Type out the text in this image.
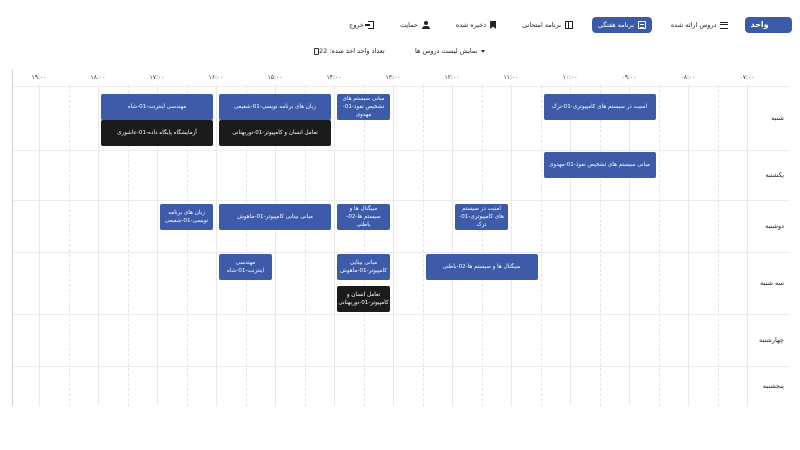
واحد هاب
دروس ارائه شده
برنامه هفتگی
برنامه امتحانی
ذخیره شده
حمایت
خروج
تعداد واحد اخذ شده: 22	نمایش لیست دروس ها
۰۷:۰۰
۰۸:۰۰
۰۹:۰۰
۱۰:۰۰
۱۱:۰۰
۱۲:۰۰
۱۳:۰۰
۱۴:۰۰
۱۵:۰۰
۱۶:۰۰
۱۷:۰۰
۱۸:۰۰
۱۹:۰۰
شنبه
یکشنبه
دوشنبه
سه شنبه
چهارشنبه
پنجشنبه
امنیت در سیستم های کامپیوتری-01-ترک
مبانی سیستم های تشخیص نفوذ-01-مهدوی
زبان های برنامه نویسی-01-شفیعی
مهندسی اینترنت-01-شاه
تعامل انسان و کامپیوتر-01-نوربهنانی
آزمایشگاه پایگاه داده-01-عاشوری
مبانی سیستم های تشخیص نفوذ-01-مهدوی
امنیت در سیستم های کامپیوتری-01-ترک
سیگنال ها و سیستم ها-02-باطنی
مبانی بینایی کامپیوتر-01-ماهوش
زبان های برنامه نویسی-01-شفیعی
سیگنال ها و سیستم ها-02-باطنی
مبانی بینایی کامپیوتر-01-ماهوش
مهندسی اینترنت-01-شاه
تعامل انسان و کامپیوتر-01-نوربهنانی
